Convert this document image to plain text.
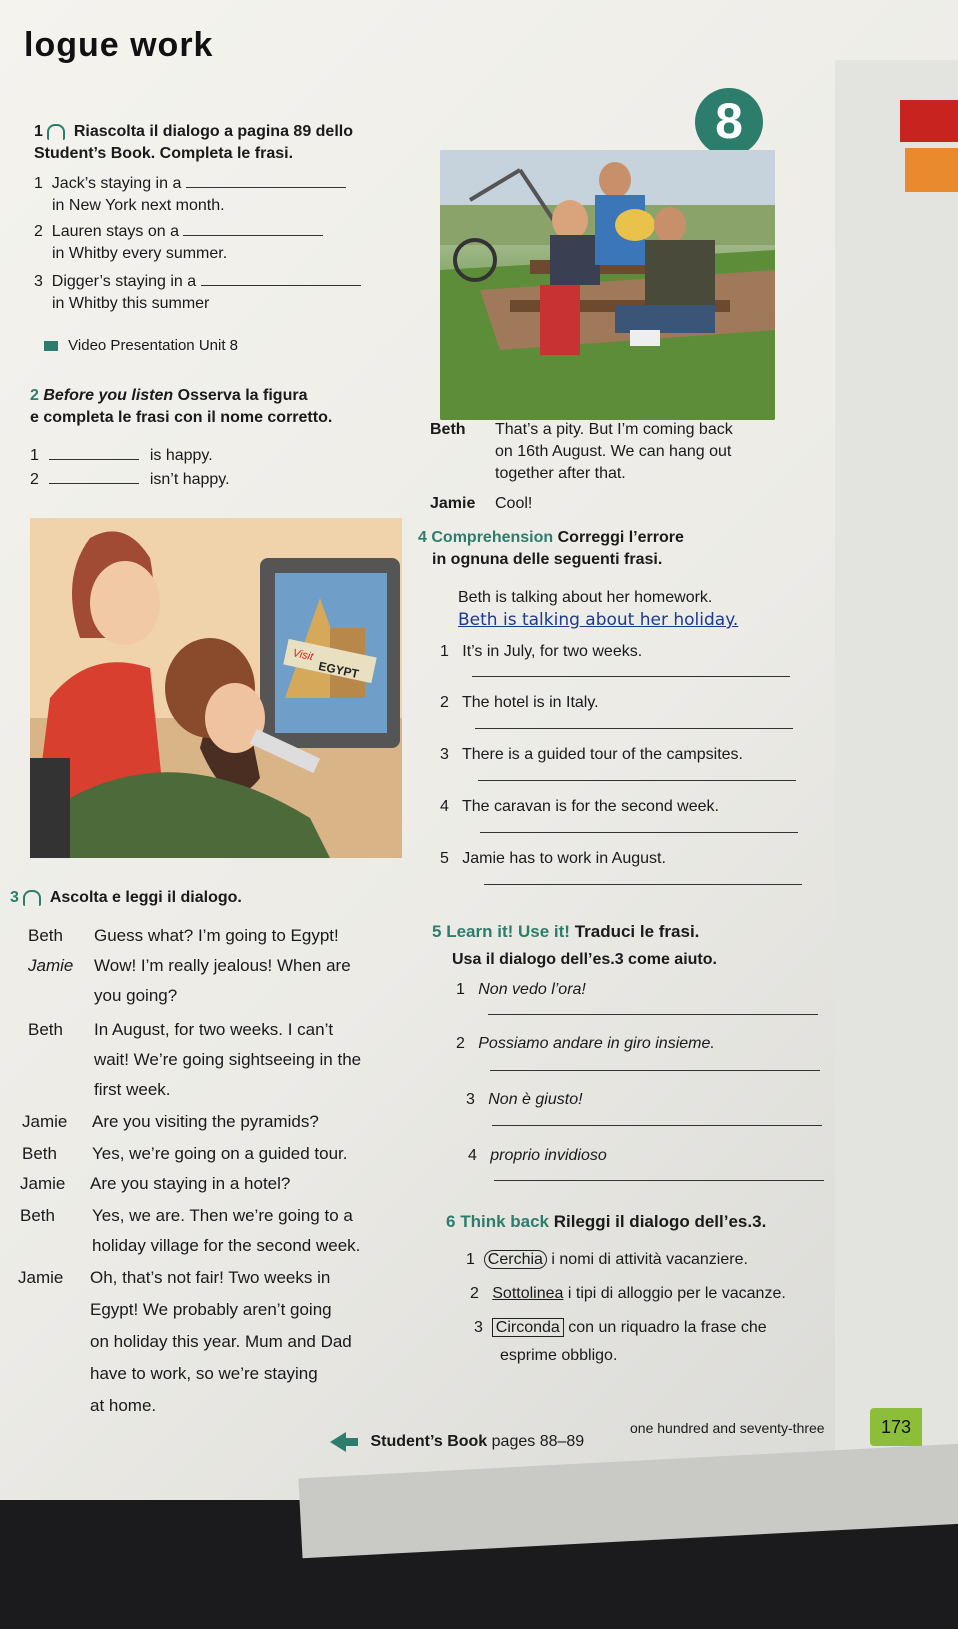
logue work
8
1 Riascolta il dialogo a pagina 89 dello
Student’s Book. Completa le frasi.
1 Jack’s staying in a
in New York next month.
2 Lauren stays on a
in Whitby every summer.
3 Digger’s staying in a
in Whitby this summer
Video Presentation Unit 8
2 Before you listen Osserva la figura
e completa le frasi con il nome corretto.
1	is happy.
2	isn’t happy.
Beth That’s a pity. But I’m coming back
on 16th August. We can hang out
together after that.
Jamie Cool!
Visit
EGYPT
4 Comprehension Correggi l’errore
in ognuna delle seguenti frasi.
Beth is talking about her homework.
Beth is talking about her holiday.
1 It’s in July, for two weeks.
2 The hotel is in Italy.
3 There is a guided tour of the campsites.
4 The caravan is for the second week.
5 Jamie has to work in August.
3 Ascolta e leggi il dialogo.
Beth Guess what? I’m going to Egypt!
Jamie Wow! I’m really jealous! When are
you going?
Beth In August, for two weeks. I can’t
wait! We’re going sightseeing in the
first week.
Jamie Are you visiting the pyramids?
Beth Yes, we’re going on a guided tour.
Jamie Are you staying in a hotel?
Beth Yes, we are. Then we’re going to a
holiday village for the second week.
Jamie Oh, that’s not fair! Two weeks in
Egypt! We probably aren’t going
on holiday this year. Mum and Dad
have to work, so we’re staying
at home.
5 Learn it! Use it! Traduci le frasi.
Usa il dialogo dell’es.3 come aiuto.
1 Non vedo l’ora!
2 Possiamo andare in giro insieme.
3 Non è giusto!
4 proprio invidioso
6 Think back Rileggi il dialogo dell’es.3.
1 Cerchia i nomi di attività vacanziere.
2 Sottolinea i tipi di alloggio per le vacanze.
3 Circonda con un riquadro la frase che
esprime obbligo.
Student’s Book pages 88–89
one hundred and seventy-three	173
